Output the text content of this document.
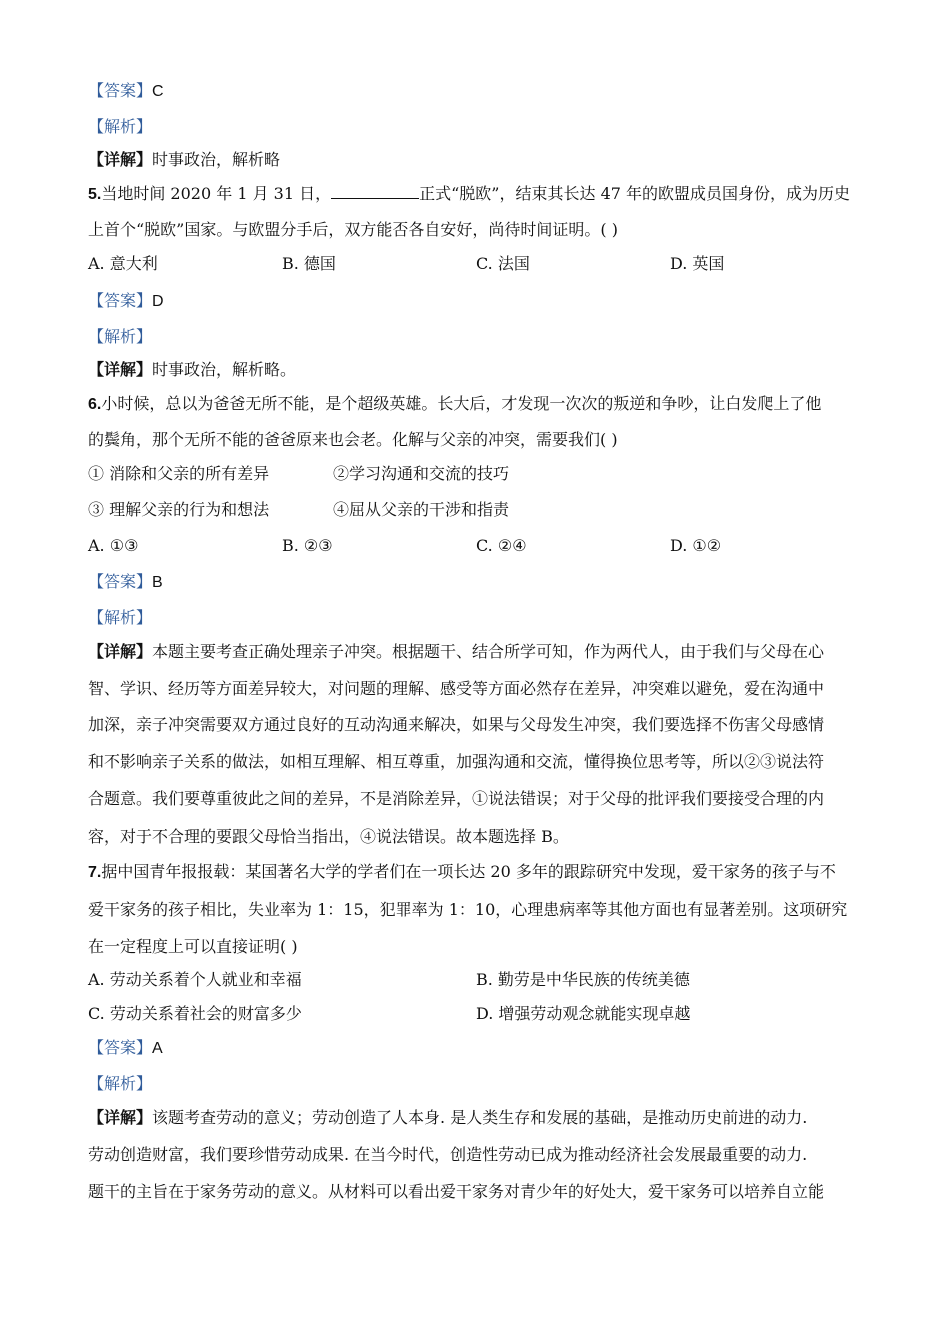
【答案】C
【解析】
【详解】时事政治，解析略
5.当地时间 2020 年 1 月 31 日，	正式“脱欧”，结束其长达 47 年的欧盟成员国身份，成为历史
上首个“脱欧”国家。与欧盟分手后，双方能否各自安好，尚待时间证明。( )
A. 意大利	B. 德国	C. 法国	D. 英国
【答案】D
【解析】
【详解】时事政治，解析略。
6.小时候，总以为爸爸无所不能，是个超级英雄。长大后，才发现一次次的叛逆和争吵，让白发爬上了他
的鬓角，那个无所不能的爸爸原来也会老。化解与父亲的冲突，需要我们( )
① 消除和父亲的所有差异	②学习沟通和交流的技巧
③ 理解父亲的行为和想法	④屈从父亲的干涉和指责
A. ①③	B. ②③	C. ②④	D. ①②
【答案】B
【解析】
【详解】本题主要考查正确处理亲子冲突。根据题干、结合所学可知，作为两代人，由于我们与父母在心
智、学识、经历等方面差异较大，对问题的理解、感受等方面必然存在差异，冲突难以避免，爱在沟通中
加深，亲子冲突需要双方通过良好的互动沟通来解决，如果与父母发生冲突，我们要选择不伤害父母感情
和不影响亲子关系的做法，如相互理解、相互尊重，加强沟通和交流，懂得换位思考等，所以②③说法符
合题意。我们要尊重彼此之间的差异，不是消除差异，①说法错误；对于父母的批评我们要接受合理的内
容，对于不合理的要跟父母恰当指出，④说法错误。故本题选择 B。
7.据中国青年报报载：某国著名大学的学者们在一项长达 20 多年的跟踪研究中发现，爱干家务的孩子与不
爱干家务的孩子相比，失业率为 1：15，犯罪率为 1：10，心理患病率等其他方面也有显著差别。这项研究
在一定程度上可以直接证明( )
A. 劳动关系着个人就业和幸福	B. 勤劳是中华民族的传统美德
C. 劳动关系着社会的财富多少	D. 增强劳动观念就能实现卓越
【答案】A
【解析】
【详解】该题考查劳动的意义；劳动创造了人本身. 是人类生存和发展的基础，是推动历史前进的动力.
劳动创造财富，我们要珍惜劳动成果. 在当今时代，创造性劳动已成为推动经济社会发展最重要的动力.
题干的主旨在于家务劳动的意义。从材料可以看出爱干家务对青少年的好处大，爱干家务可以培养自立能
